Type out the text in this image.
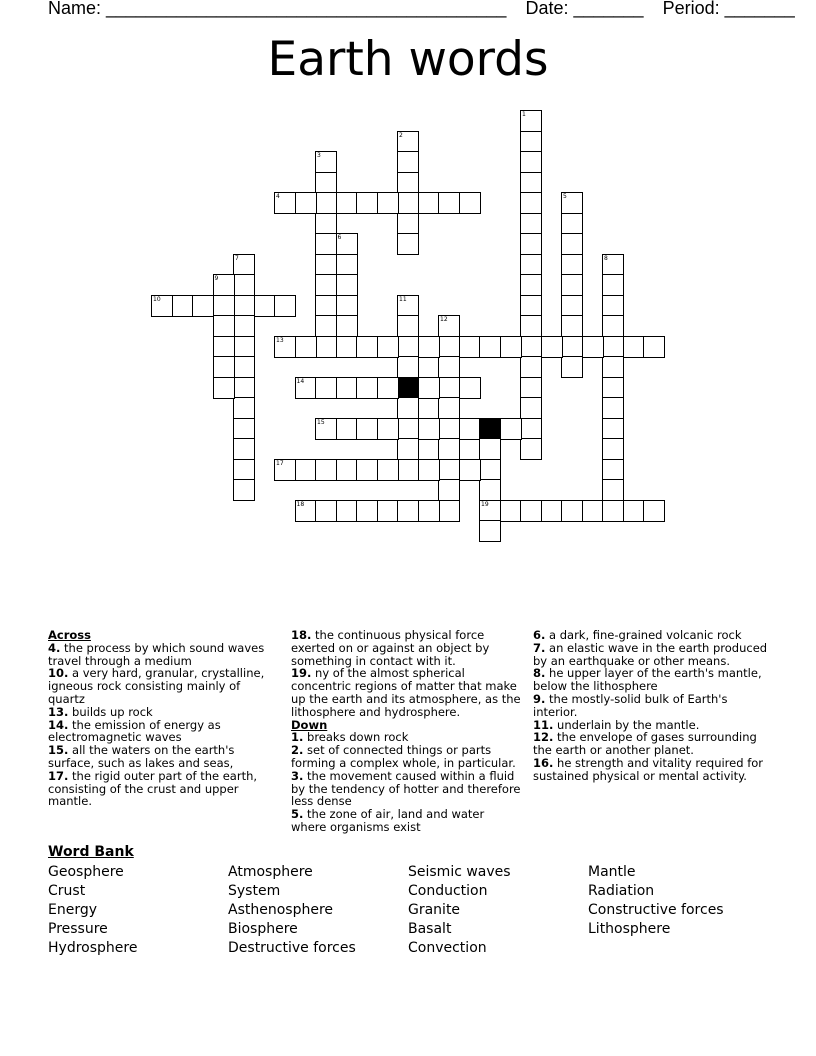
Name: ________________________________________ Date: _______ Period: _______
Earth words
1
2
3
4	5
6
7	8
9
10	11
12
13
14
15	16
17
18	19
Across
4. the process by which sound waves travel through a medium
10. a very hard, granular, crystalline, igneous rock consisting mainly of quartz
13. builds up rock
14. the emission of energy as electromagnetic waves
15. all the waters on the earth's surface, such as lakes and seas,
17. the rigid outer part of the earth, consisting of the crust and upper mantle.
18. the continuous physical force exerted on or against an object by something in contact with it.
19. ny of the almost spherical concentric regions of matter that make up the earth and its atmosphere, as the lithosphere and hydrosphere.
Down
1. breaks down rock
2. set of connected things or parts forming a complex whole, in particular.
3. the movement caused within a fluid by the tendency of hotter and therefore less dense
5. the zone of air, land and water where organisms exist
6. a dark, fine-grained volcanic rock
7. an elastic wave in the earth produced by an earthquake or other means.
8. he upper layer of the earth's mantle, below the lithosphere
9. the mostly-solid bulk of Earth's interior.
11. underlain by the mantle.
12. the envelope of gases surrounding the earth or another planet.
16. he strength and vitality required for sustained physical or mental activity.
Word Bank
Geosphere
Crust
Energy
Pressure
Hydrosphere
Atmosphere
System
Asthenosphere
Biosphere
Destructive forces
Seismic waves
Conduction
Granite
Basalt
Convection
Mantle
Radiation
Constructive forces
Lithosphere
